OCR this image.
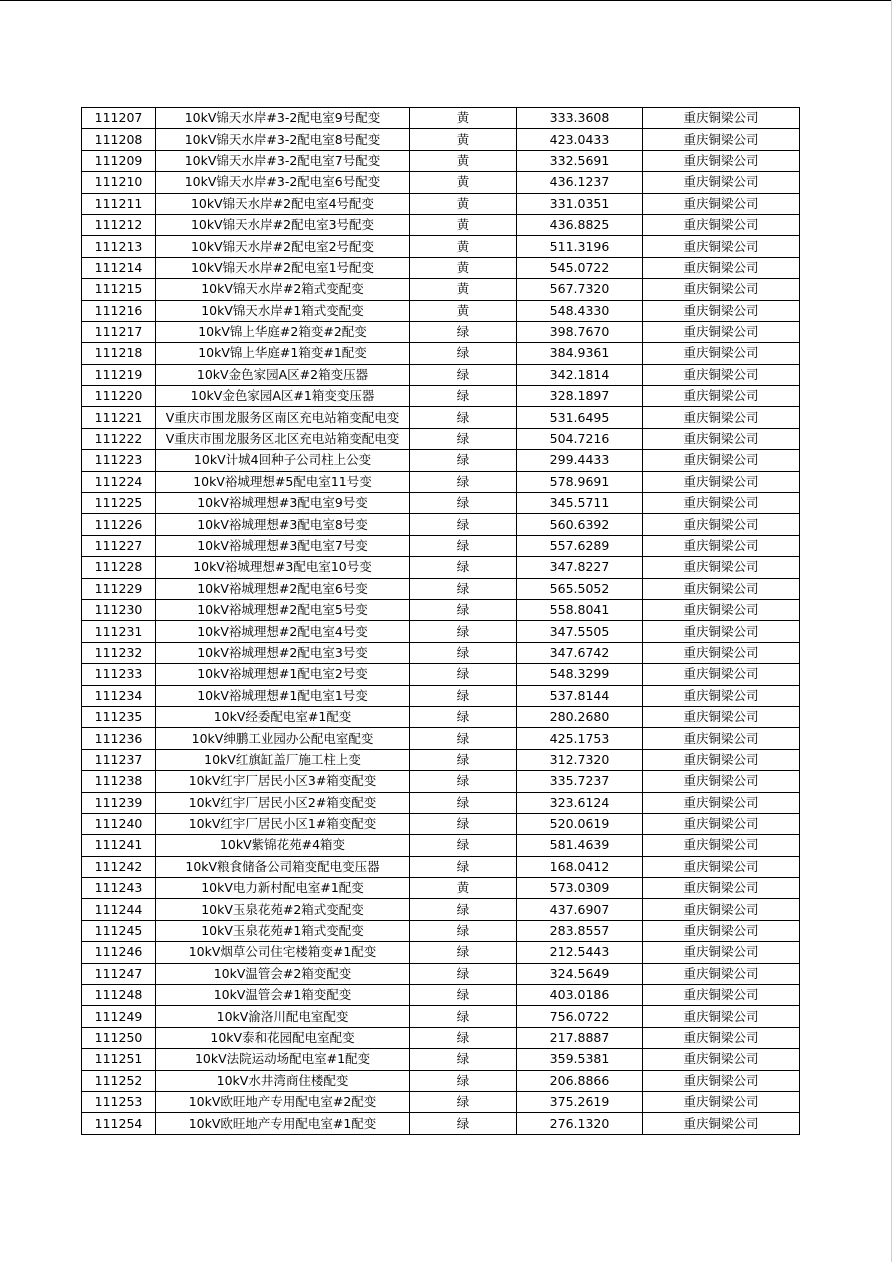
111207	10kV锦天水岸#3-2配电室9号配变	黄	333.3608	重庆铜梁公司
111208	10kV锦天水岸#3-2配电室8号配变	黄	423.0433	重庆铜梁公司
111209	10kV锦天水岸#3-2配电室7号配变	黄	332.5691	重庆铜梁公司
111210	10kV锦天水岸#3-2配电室6号配变	黄	436.1237	重庆铜梁公司
111211	10kV锦天水岸#2配电室4号配变	黄	331.0351	重庆铜梁公司
111212	10kV锦天水岸#2配电室3号配变	黄	436.8825	重庆铜梁公司
111213	10kV锦天水岸#2配电室2号配变	黄	511.3196	重庆铜梁公司
111214	10kV锦天水岸#2配电室1号配变	黄	545.0722	重庆铜梁公司
111215	10kV锦天水岸#2箱式变配变	黄	567.7320	重庆铜梁公司
111216	10kV锦天水岸#1箱式变配变	黄	548.4330	重庆铜梁公司
111217	10kV锦上华庭#2箱变#2配变	绿	398.7670	重庆铜梁公司
111218	10kV锦上华庭#1箱变#1配变	绿	384.9361	重庆铜梁公司
111219	10kV金色家园A区#2箱变压器	绿	342.1814	重庆铜梁公司
111220	10kV金色家园A区#1箱变变压器	绿	328.1897	重庆铜梁公司
111221	V重庆市围龙服务区南区充电站箱变配电变	绿	531.6495	重庆铜梁公司
111222	V重庆市围龙服务区北区充电站箱变配电变	绿	504.7216	重庆铜梁公司
111223	10kV计城4回种子公司柱上公变	绿	299.4433	重庆铜梁公司
111224	10kV裕城理想#5配电室11号变	绿	578.9691	重庆铜梁公司
111225	10kV裕城理想#3配电室9号变	绿	345.5711	重庆铜梁公司
111226	10kV裕城理想#3配电室8号变	绿	560.6392	重庆铜梁公司
111227	10kV裕城理想#3配电室7号变	绿	557.6289	重庆铜梁公司
111228	10kV裕城理想#3配电室10号变	绿	347.8227	重庆铜梁公司
111229	10kV裕城理想#2配电室6号变	绿	565.5052	重庆铜梁公司
111230	10kV裕城理想#2配电室5号变	绿	558.8041	重庆铜梁公司
111231	10kV裕城理想#2配电室4号变	绿	347.5505	重庆铜梁公司
111232	10kV裕城理想#2配电室3号变	绿	347.6742	重庆铜梁公司
111233	10kV裕城理想#1配电室2号变	绿	548.3299	重庆铜梁公司
111234	10kV裕城理想#1配电室1号变	绿	537.8144	重庆铜梁公司
111235	10kV经委配电室#1配变	绿	280.2680	重庆铜梁公司
111236	10kV绅鹏工业园办公配电室配变	绿	425.1753	重庆铜梁公司
111237	10kV红旗缸盖厂施工柱上变	绿	312.7320	重庆铜梁公司
111238	10kV红宇厂居民小区3#箱变配变	绿	335.7237	重庆铜梁公司
111239	10kV红宇厂居民小区2#箱变配变	绿	323.6124	重庆铜梁公司
111240	10kV红宇厂居民小区1#箱变配变	绿	520.0619	重庆铜梁公司
111241	10kV紫锦花苑#4箱变	绿	581.4639	重庆铜梁公司
111242	10kV粮食储备公司箱变配电变压器	绿	168.0412	重庆铜梁公司
111243	10kV电力新村配电室#1配变	黄	573.0309	重庆铜梁公司
111244	10kV玉泉花苑#2箱式变配变	绿	437.6907	重庆铜梁公司
111245	10kV玉泉花苑#1箱式变配变	绿	283.8557	重庆铜梁公司
111246	10kV烟草公司住宅楼箱变#1配变	绿	212.5443	重庆铜梁公司
111247	10kV温管会#2箱变配变	绿	324.5649	重庆铜梁公司
111248	10kV温管会#1箱变配变	绿	403.0186	重庆铜梁公司
111249	10kV渝洛川配电室配变	绿	756.0722	重庆铜梁公司
111250	10kV泰和花园配电室配变	绿	217.8887	重庆铜梁公司
111251	10kV法院运动场配电室#1配变	绿	359.5381	重庆铜梁公司
111252	10kV水井湾商住楼配变	绿	206.8866	重庆铜梁公司
111253	10kV欧旺地产专用配电室#2配变	绿	375.2619	重庆铜梁公司
111254	10kV欧旺地产专用配电室#1配变	绿	276.1320	重庆铜梁公司
